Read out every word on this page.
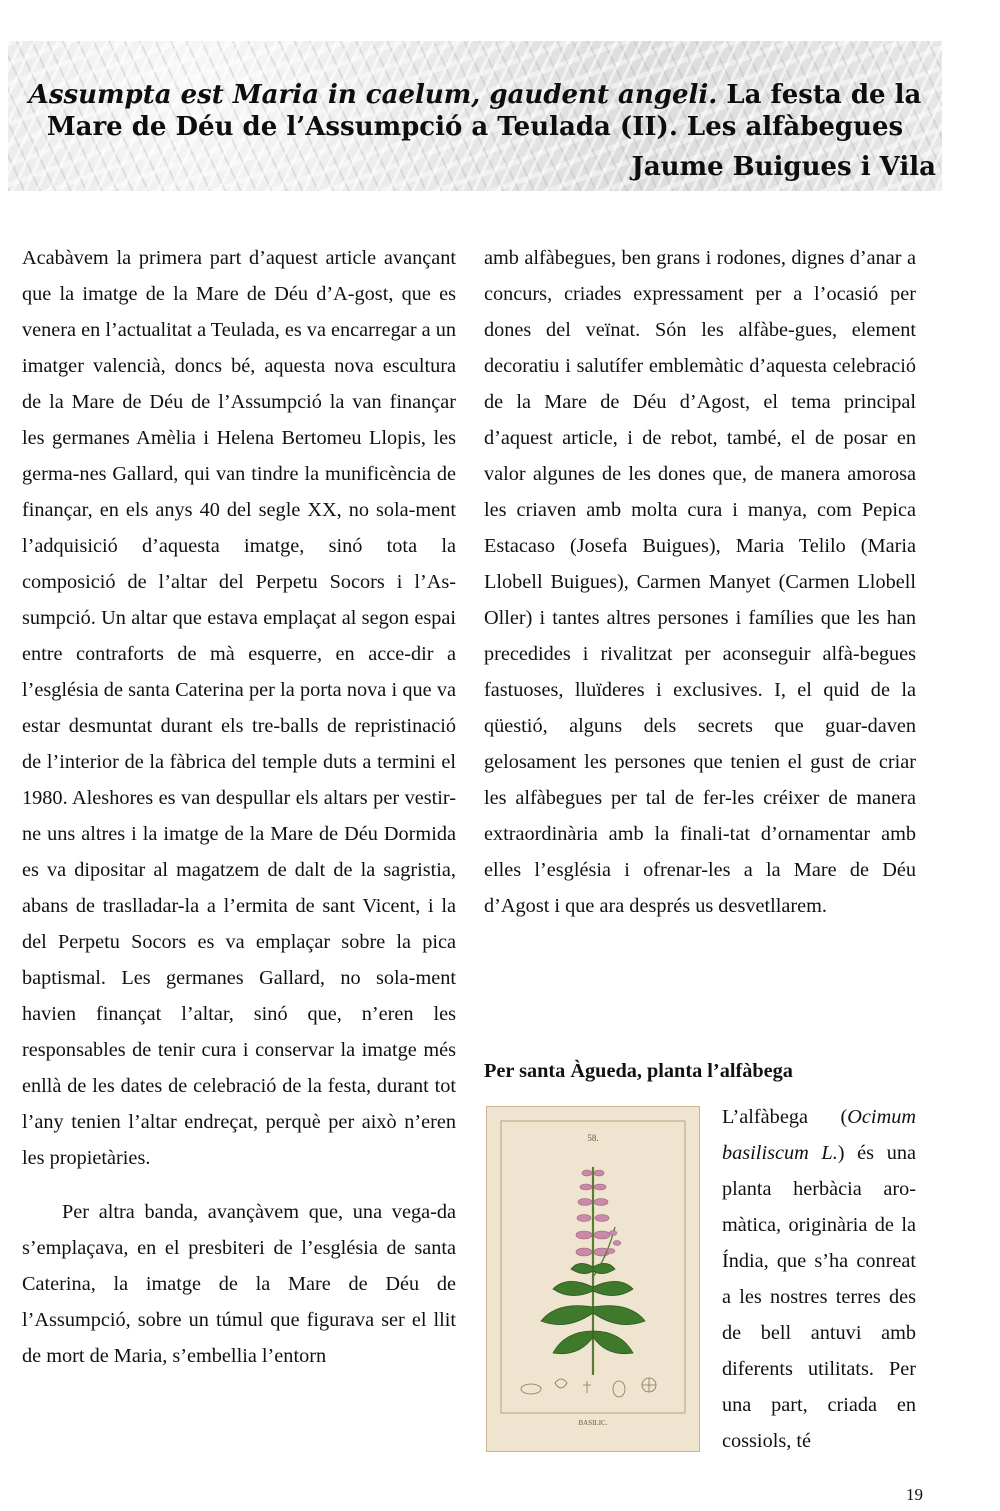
Assumpta est Maria in caelum, gaudent angeli. La festa de la
Mare de Déu de l’Assumpció a Teulada (II). Les alfàbegues
Jaume Buigues i Vila

Acabàvem la primera part d’aquest article avançant que la imatge de la Mare de Déu d’A-gost, que es venera en l’actualitat a Teulada, es va encarregar a un imatger valencià, doncs bé, aquesta nova escultura de la Mare de Déu de l’Assumpció la van finançar les germanes Amèlia i Helena Bertomeu Llopis, les germa-nes Gallard, qui van tindre la munificència de finançar, en els anys 40 del segle XX, no sola-ment l’adquisició d’aquesta imatge, sinó tota la composició de l’altar del Perpetu Socors i l’As-sumpció. Un altar que estava emplaçat al segon espai entre contraforts de mà esquerre, en acce-dir a l’església de santa Caterina per la porta nova i que va estar desmuntat durant els tre-balls de repristinació de l’interior de la fàbrica del temple duts a termini el 1980. Aleshores es van despullar els altars per vestir-ne uns altres i la imatge de la Mare de Déu Dormida es va dipositar al magatzem de dalt de la sagristia, abans de traslladar-la a l’ermita de sant Vicent, i la del Perpetu Socors es va emplaçar sobre la pica baptismal. Les germanes Gallard, no sola-ment havien finançat l’altar, sinó que, n’eren les responsables de tenir cura i conservar la imatge més enllà de les dates de celebració de la festa, durant tot l’any tenien l’altar endreçat, perquè per això n’eren les propietàries.

Per altra banda, avançàvem que, una vega-da s’emplaçava, en el presbiteri de l’església de santa Caterina, la imatge de la Mare de Déu de l’Assumpció, sobre un túmul que figurava ser el llit de mort de Maria, s’embellia l’entorn

amb alfàbegues, ben grans i rodones, dignes d’anar a concurs, criades expressament per a l’ocasió per dones del veïnat. Són les alfàbe-gues, element decoratiu i salutífer emblemàtic d’aquesta celebració de la Mare de Déu d’Agost, el tema principal d’aquest article, i de rebot, també, el de posar en valor algunes de les dones que, de manera amorosa les criaven amb molta cura i manya, com Pepica Estacaso (Josefa Buigues), Maria Telilo (Maria Llobell Buigues), Carmen Manyet (Carmen Llobell Oller) i tantes altres persones i famílies que les han precedides i rivalitzat per aconseguir alfà-begues fastuoses, lluïderes i exclusives. I, el quid de la qüestió, alguns dels secrets que guar-daven gelosament les persones que tenien el gust de criar les alfàbegues per tal de fer-les créixer de manera extraordinària amb la finali-tat d’ornamentar amb elles l’església i ofrenar-les a la Mare de Déu d’Agost i que ara després us desvetllarem.

Per santa Àgueda, planta l’alfàbega
58.
BASILIC.

L’alfàbega (Ocimum basiliscum L.) és una planta herbàcia aro-màtica, originària de la Índia, que s’ha conreat a les nostres terres des de bell antuvi amb diferents utilitats. Per una part, criada en cossiols, té

19
